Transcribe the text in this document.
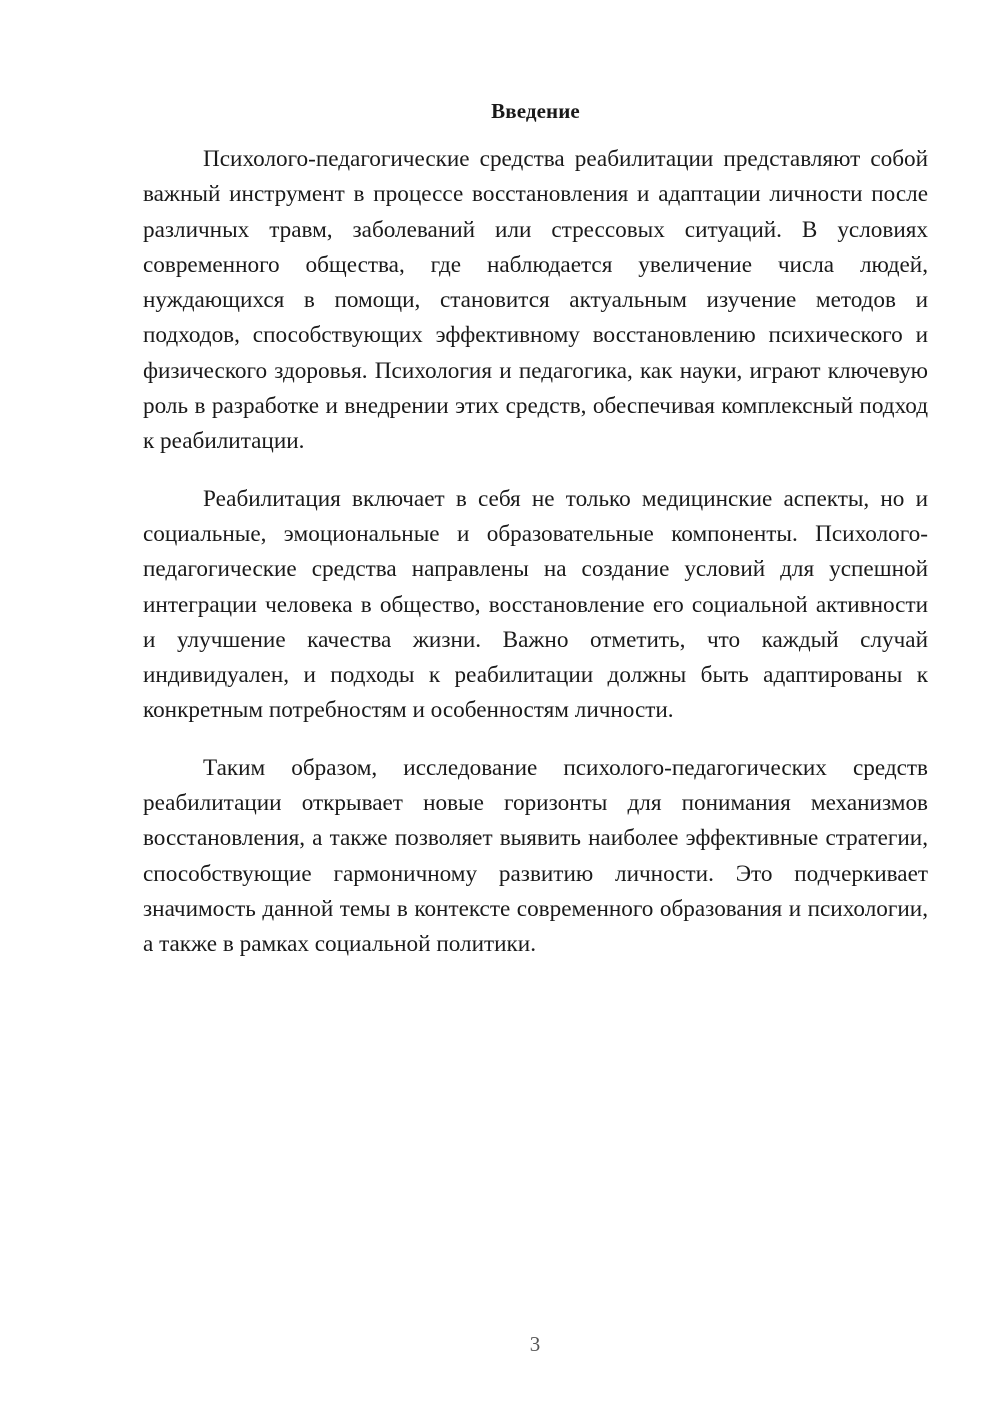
Введение

Психолого-педагогические средства реабилитации представляют собой важный инструмент в процессе восстановления и адаптации личности после различных травм, заболеваний или стрессовых ситуаций. В условиях современного общества, где наблюдается увеличение числа людей, нуждающихся в помощи, становится актуальным изучение методов и подходов, способствующих эффективному восстановлению психического и физического здоровья. Психология и педагогика, как науки, играют ключевую роль в разработке и внедрении этих средств, обеспечивая комплексный подход к реабилитации.

Реабилитация включает в себя не только медицинские аспекты, но и социальные, эмоциональные и образовательные компоненты. Психолого-педагогические средства направлены на создание условий для успешной интеграции человека в общество, восстановление его социальной активности и улучшение качества жизни. Важно отметить, что каждый случай индивидуален, и подходы к реабилитации должны быть адаптированы к конкретным потребностям и особенностям личности.

Таким образом, исследование психолого-педагогических средств реабилитации открывает новые горизонты для понимания механизмов восстановления, а также позволяет выявить наиболее эффективные стратегии, способствующие гармоничному развитию личности. Это подчеркивает значимость данной темы в контексте современного образования и психологии, а также в рамках социальной политики.

3
